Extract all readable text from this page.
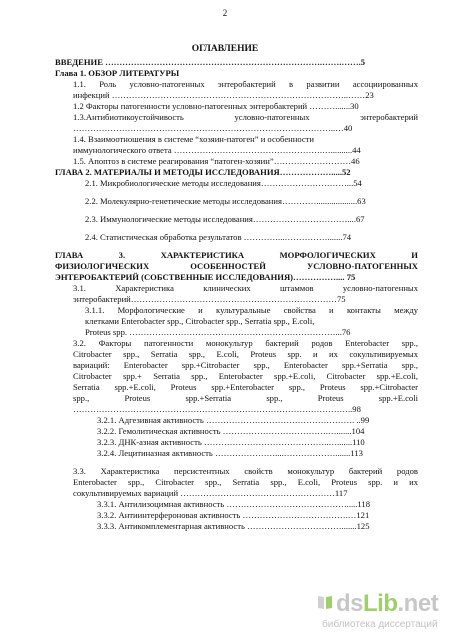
2
ОГЛАВЛЕНИЕ
ВВЕДЕНИЕ ………………………………………………………………….…….…….5
Глава 1. ОБЗОР ЛИТЕРАТУРЫ
1.1. Роль условно-патогенных энтеробактерий в развитии ассоциированных
инфекций ………………………………………………………………………..……23
1.2 Факторы патогенности условно-патогенных энтеробактерий ……….......30
1.3.Антибиотикоустойчивость условно-патогенных энтеробактерий
………………………………………………………………………………..…40
1.4. Взаимоотношения в системе “хозяин-патоген” и особенности
иммунологического ответа …………………………………………….…..........44
1.5. Апоптоз в системе реагирования “патоген-хозяин”………………………46
ГЛАВА 2. МАТЕРИАЛЫ И МЕТОДЫ ИССЛЕДОВАНИЯ……………….....52
2.1. Микробиологические методы исследования…………………………...54
2.2. Молекулярно-генетические методы исследования…………...................63
2.3. Иммунологические методы исследования……………………………....67
2.4. Статистическая обработка результатов …………...…………….......74
ГЛАВА 3. ХАРАКТЕРИСТИКА МОРФОЛОГИЧЕСКИХ И
ФИЗИОЛОГИЧЕСКИХ ОСОБЕННОСТЕЙ УСЛОВНО-ПАТОГЕННЫХ
ЭНТЕРОБАКТЕРИЙ (СОБСТВЕННЫЕ ИССЛЕДОВАНИЯ)…………….... 75
3.1. Характеристика клинических штаммов условно-патогенных
энтеробактерий………………………………………………………………75
3.1.1. Морфологические и культуральные свойства и контакты между
клетками Enterobacter spp., Citrobacter spp., Serratia spp., E.coli,
Proteus spp. ………………………………………………………………...76
3.2. Факторы патогенности монокультур бактерий родов Enterobacter spp.,
Citrobacter spp., Serratia spp., E.coli, Proteus spp. и их сокультивируемых
вариаций: Enterobacter spp.+Citrobacter spp., Enterobacter spp.+Serratia spp.,
Citrobacter spp.+ Serratia spp., Enterobacter spp.+E.coli, Citrobacter spp.+E.coli,
Serratia spp.+E.coli, Proteus spp.+Enterobacter spp., Proteus spp.+Citrobacter
spp., Proteus spp.+Serratia spp., Proteus spp.+E.coli
……………………………………………………………………………………..98
3.2.1. Адгезивная активность ……………………………………………. ..99
3.2.2. Гемолитическая активность ……………………………….….......104
3.2.3. ДНК-азная активность ……………………………………..….......110
3.2.4. Лецитиназная активность …………………....……………….......113
3.3. Характеристика персистентных свойств монокультур бактерий родов
Enterobacter spp., Citrobacter spp., Serratia spp., E.coli, Proteus spp. и их
сокультивируемых вариаций ………………………………………………117
3.3.1. Антилизоцимная активность …………………………………….....118
3.3.2. Антиинтерфероновая активность ……………………………….…121
3.3.3. Антикомплементарная активность …………………………….......125
dsLib.net
библиотека диссертаций
